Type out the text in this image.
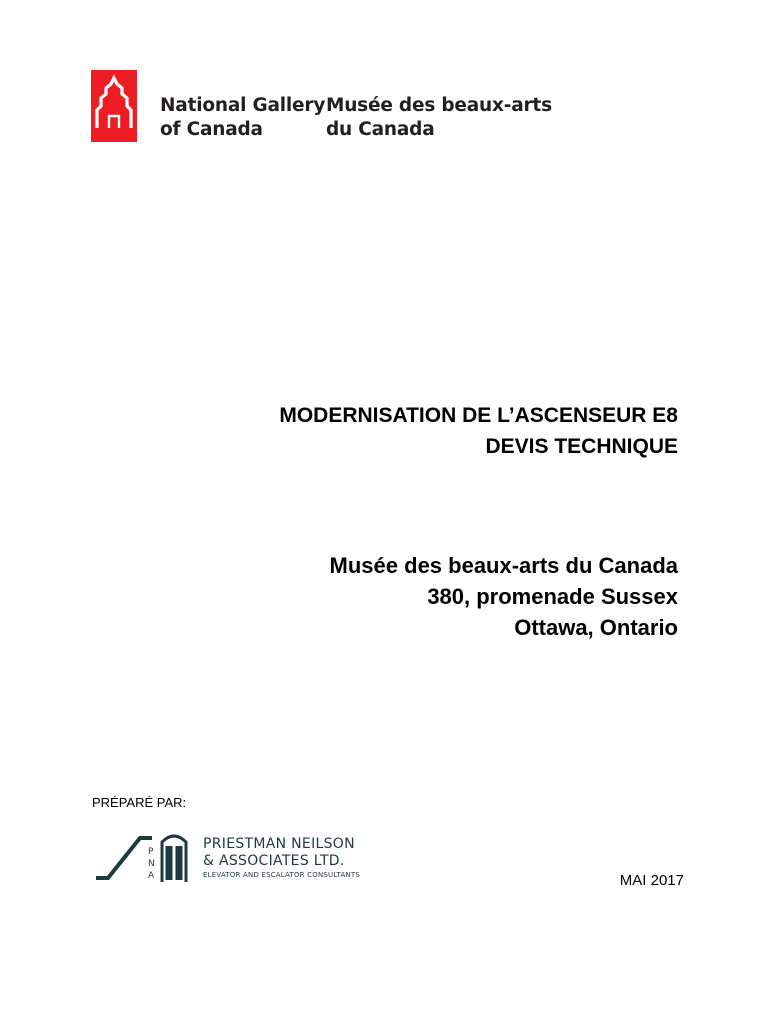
National Gallery
of Canada
Musée des beaux-arts
du Canada
MODERNISATION DE L’ASCENSEUR E8
DEVIS TECHNIQUE
Musée des beaux-arts du Canada
380, promenade Sussex
Ottawa, Ontario
PRÉPARÉ PAR:
P
N
A
PRIESTMAN NEILSON
& ASSOCIATES LTD.
ELEVATOR AND ESCALATOR CONSULTANTS	MAI 2017
